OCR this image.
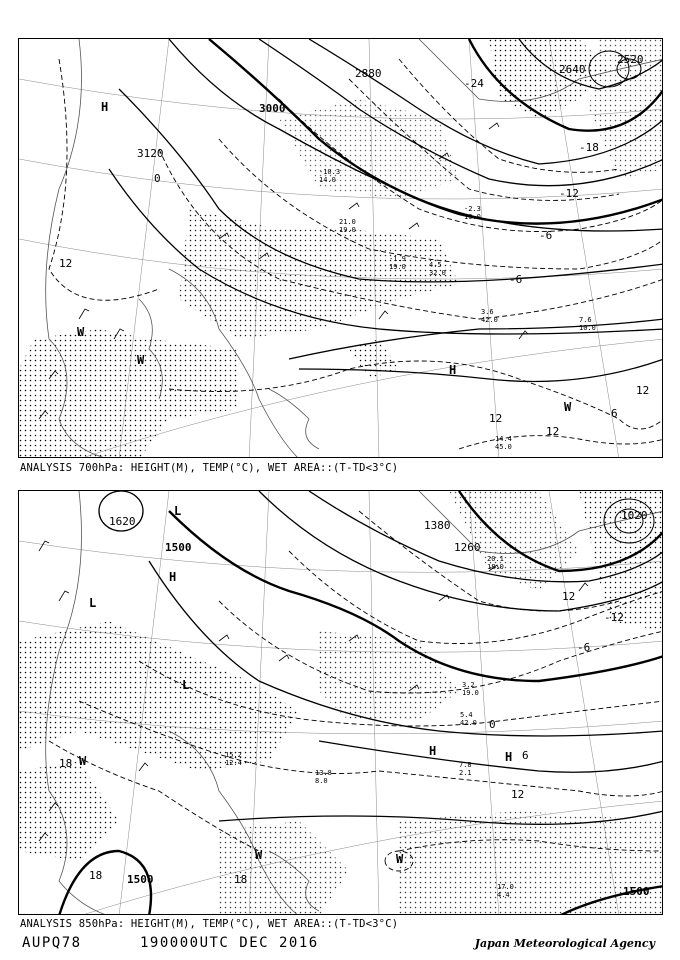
3120
3000
2880	2640
2520
0
-6
-12
-18
-24
12
12
12
12
6
-6
H
H
W
W
W
-1.9
19.0
3.6
42.0	7.6
10.0
14.4
45.0
4.5
32.0
-2.3
19.0
-10.3
14.0
21.0
19.0
ANALYSIS 700hPa: HEIGHT(M), TEMP(°C), WET AREA::(T-TD<3°C)
1620
1500
1380
1260
1020
1500
1500
18
18	18
12
12
6
-6
-12
0
L
H
L
L
H	H
W
W	W
3.2
19.0
5.4
42.0
7.8
2.1
13.8
8.0
17.0
4.4
15.2
12.4
20.1
18.0
ANALYSIS 850hPa: HEIGHT(M), TEMP(°C), WET AREA::(T-TD<3°C)
AUPQ78	190000UTC DEC 2016	Japan Meteorological Agency
